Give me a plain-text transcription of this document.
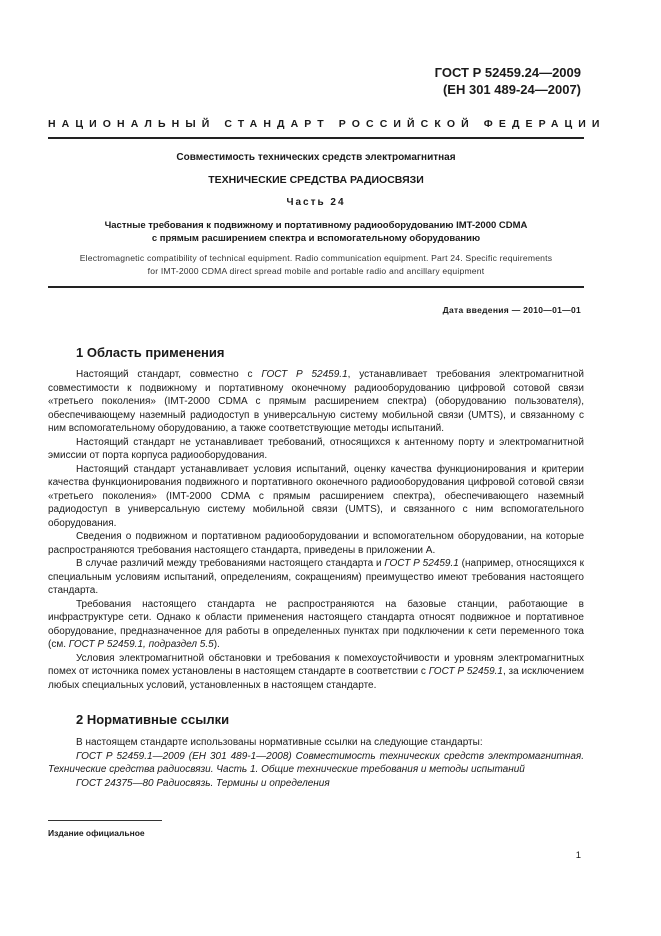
ГОСТ Р 52459.24—2009
(ЕН 301 489-24—2007)
НАЦИОНАЛЬНЫЙ СТАНДАРТ РОССИЙСКОЙ ФЕДЕРАЦИИ
Совместимость технических средств электромагнитная
ТЕХНИЧЕСКИЕ СРЕДСТВА РАДИОСВЯЗИ
Часть 24
Частные требования к подвижному и портативному радиооборудованию IMT-2000 CDMA
с прямым расширением спектра и вспомогательному оборудованию
Electromagnetic compatibility of technical equipment. Radio communication equipment. Part 24. Specific requirements
for IMT-2000 CDMA direct spread mobile and portable radio and ancillary equipment
Дата введения — 2010—01—01
1 Область применения

Настоящий стандарт, совместно с ГОСТ Р 52459.1, устанавливает требования электромагнитной совместимости к подвижному и портативному оконечному радиооборудованию цифровой сотовой связи «третьего поколения» (IMT-2000 CDMA с прямым расширением спектра) (оборудованию пользователя), обеспечивающему наземный радиодоступ в универсальную систему мобильной связи (UMTS), и связанному с ним вспомогательному оборудованию, а также соответствующие методы испытаний.

Настоящий стандарт не устанавливает требований, относящихся к антенному порту и электромагнитной эмиссии от порта корпуса радиооборудования.

Настоящий стандарт устанавливает условия испытаний, оценку качества функционирования и критерии качества функционирования подвижного и портативного оконечного радиооборудования цифровой сотовой связи «третьего поколения» (IMT-2000 CDMA с прямым расширением спектра), обеспечивающего наземный радиодоступ в универсальную систему мобильной связи (UMTS), и связанного с ним вспомогательного оборудования.

Сведения о подвижном и портативном радиооборудовании и вспомогательном оборудовании, на которые распространяются требования настоящего стандарта, приведены в приложении А.

В случае различий между требованиями настоящего стандарта и ГОСТ Р 52459.1 (например, относящихся к специальным условиям испытаний, определениям, сокращениям) преимущество имеют требования настоящего стандарта.

Требования настоящего стандарта не распространяются на базовые станции, работающие в инфраструктуре сети. Однако к области применения настоящего стандарта относят подвижное и портативное оборудование, предназначенное для работы в определенных пунктах при подключении к сети переменного тока (см. ГОСТ Р 52459.1, подраздел 5.5).

Условия электромагнитной обстановки и требования к помехоустойчивости и уровням электромагнитных помех от источника помех установлены в настоящем стандарте в соответствии с ГОСТ Р 52459.1, за исключением любых специальных условий, установленных в настоящем стандарте.

2 Нормативные ссылки

В настоящем стандарте использованы нормативные ссылки на следующие стандарты:

ГОСТ Р 52459.1—2009 (ЕН 301 489-1—2008) Совместимость технических средств электромагнитная. Технические средства радиосвязи. Часть 1. Общие технические требования и методы испытаний

ГОСТ 24375—80 Радиосвязь. Термины и определения

Издание официальное
1
